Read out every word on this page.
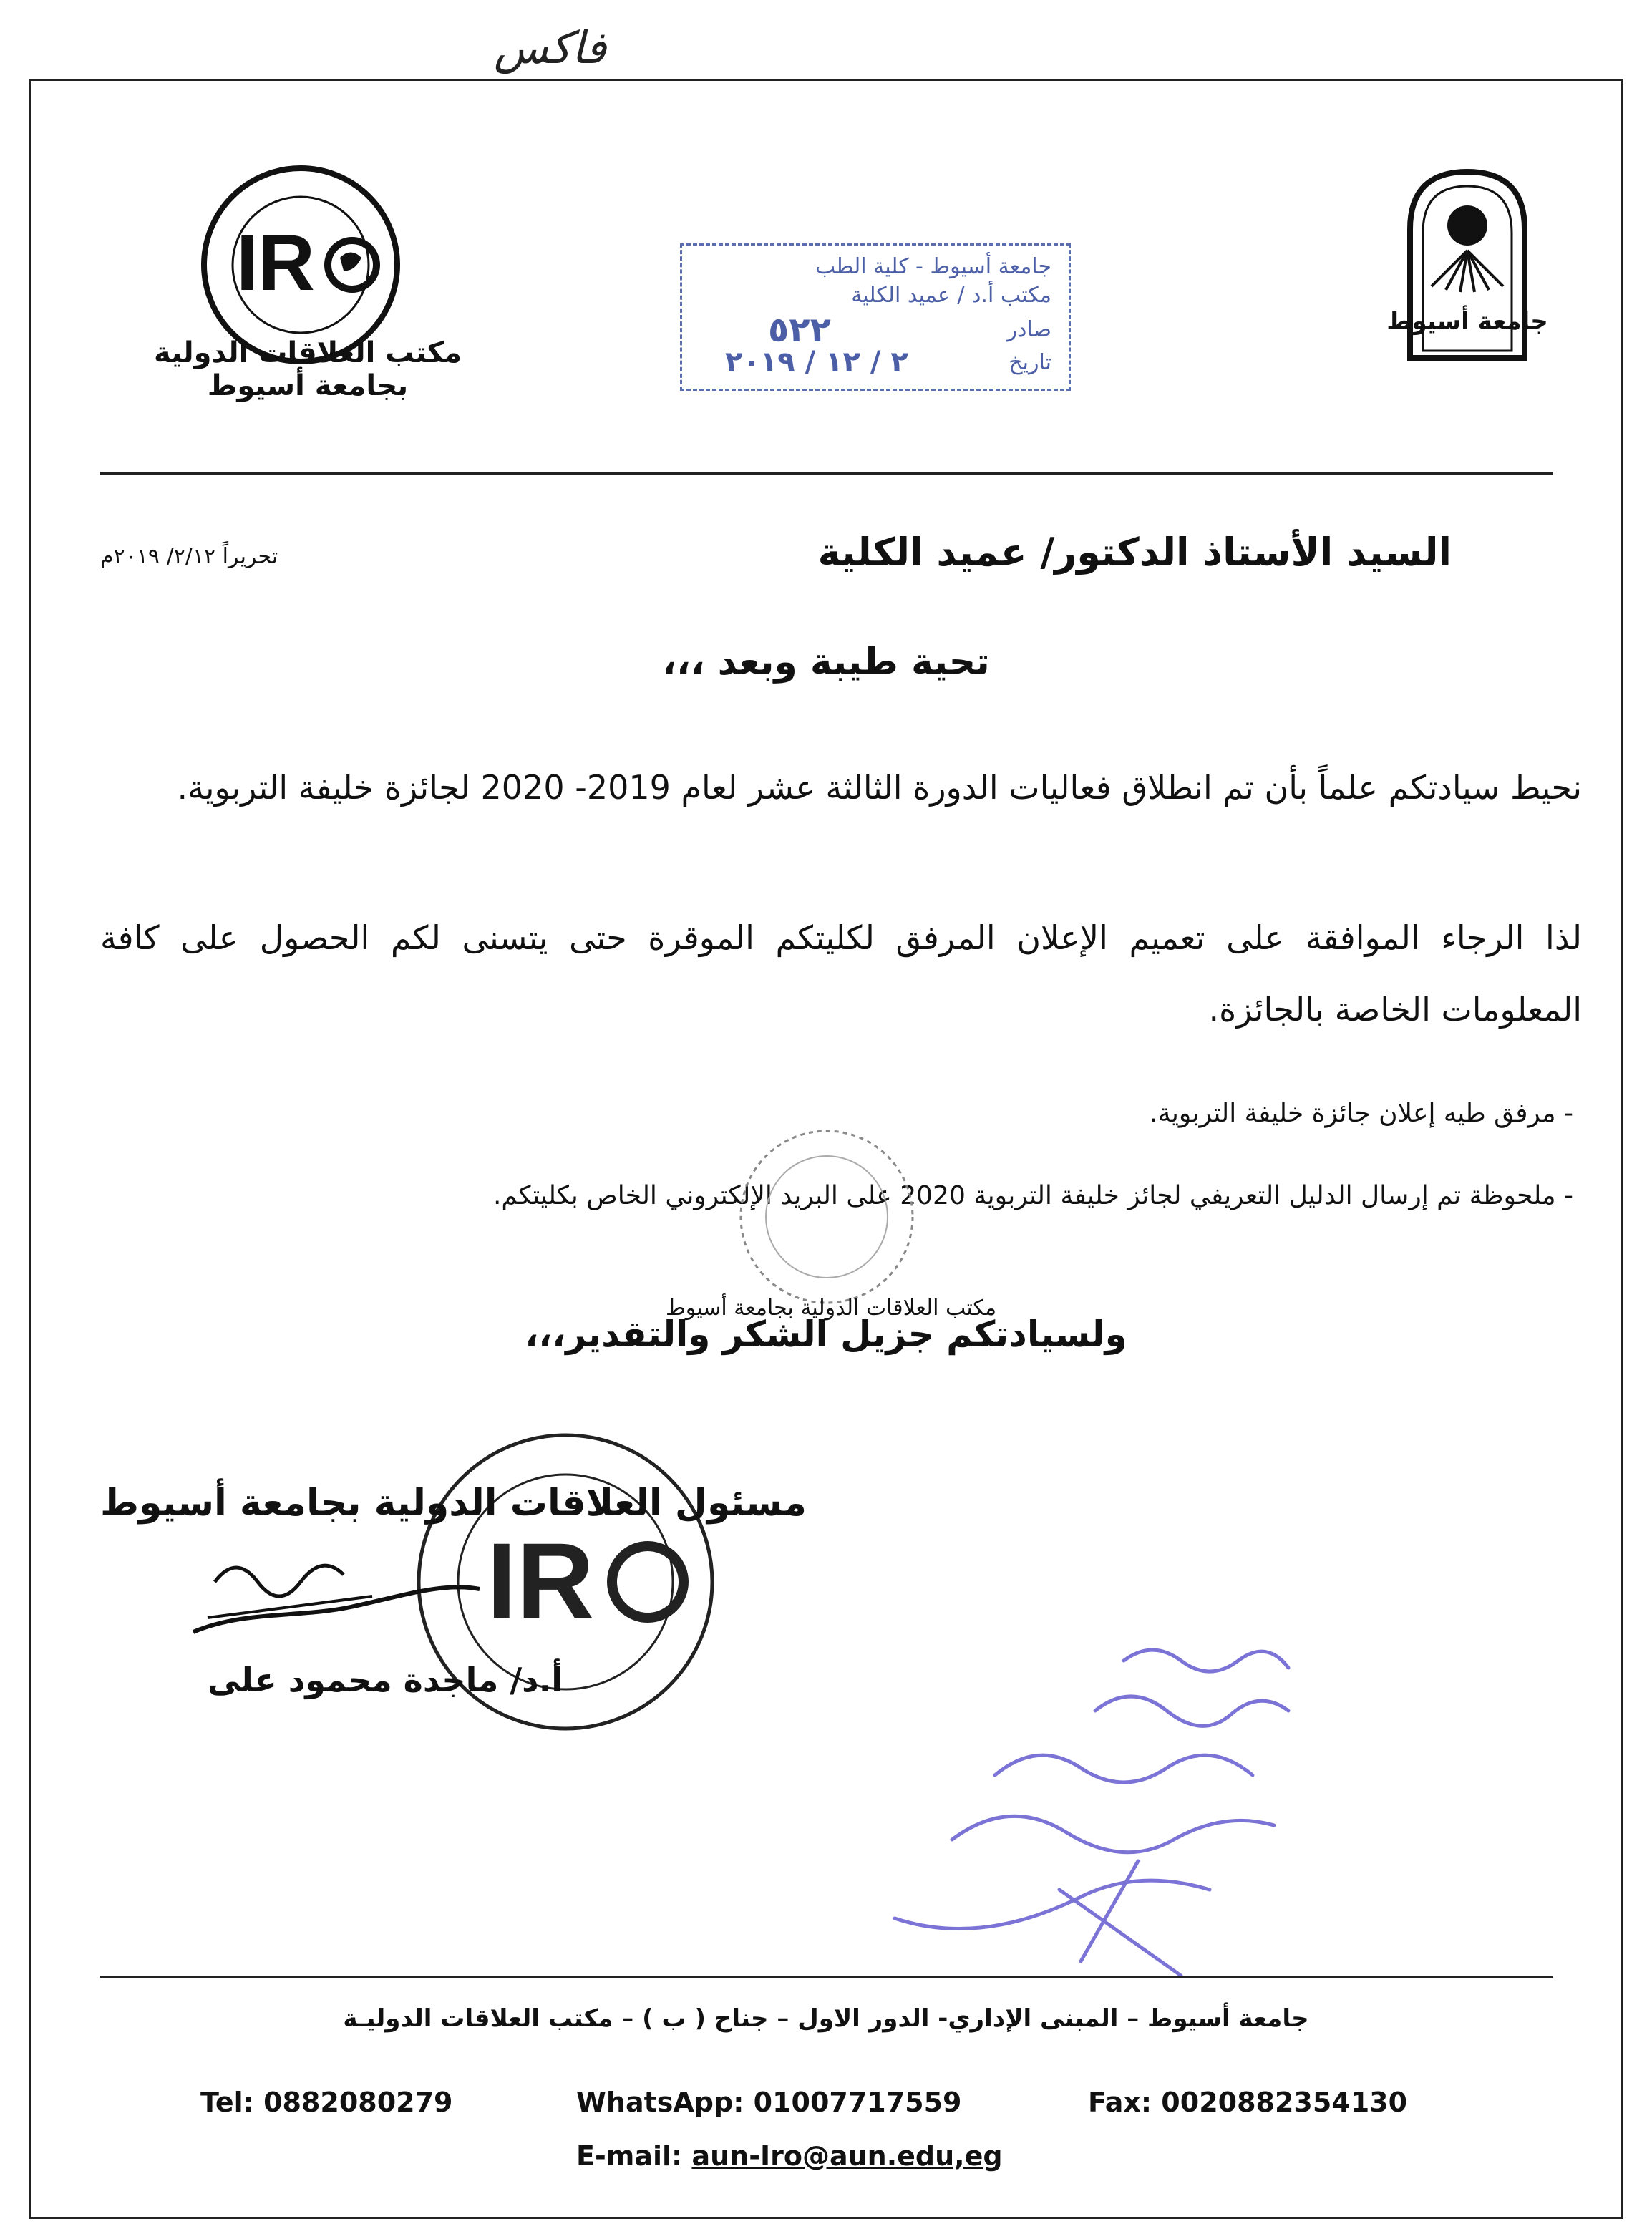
فاكس
IR
مكتب العلاقات الدولية بجامعة أسيوط
جامعة أسيوط
جامعة أسيوط - كلية الطب
مكتب أ.د / عميد الكلية
صادر
تاريخ
٥٢٢
٢ / ١٢ / ٢٠١٩
السيد الأستاذ الدكتور/ عميد الكلية
تحريراً ٢/١٢/ ٢٠١٩م
تحية طيبة وبعد ،،،
نحيط سيادتكم علماً بأن تم انطلاق فعاليات الدورة الثالثة عشر لعام 2019- 2020 لجائزة خليفة التربوية.
لذا الرجاء الموافقة على تعميم الإعلان المرفق لكليتكم الموقرة حتى يتسنى لكم الحصول على كافة المعلومات الخاصة بالجائزة.
- مرفق طيه إعلان جائزة خليفة التربوية.
- ملحوظة تم إرسال الدليل التعريفي لجائز خليفة التربوية 2020 على البريد الإلكتروني الخاص بكليتكم.
مكتب العلاقات الدولية بجامعة أسيوط
ولسيادتكم جزيل الشكر والتقدير،،،
IR
مسئول العلاقات الدولية بجامعة أسيوط
أ.د/ ماجدة محمود على
جامعة أسيوط – المبنى الإداري- الدور الاول – جناح ( ب ) – مكتب العلاقات الدوليـة
Tel: 0882080279	WhatsApp: 01007717559	Fax: 0020882354130
E-mail: aun-Iro@aun.edu,eg
